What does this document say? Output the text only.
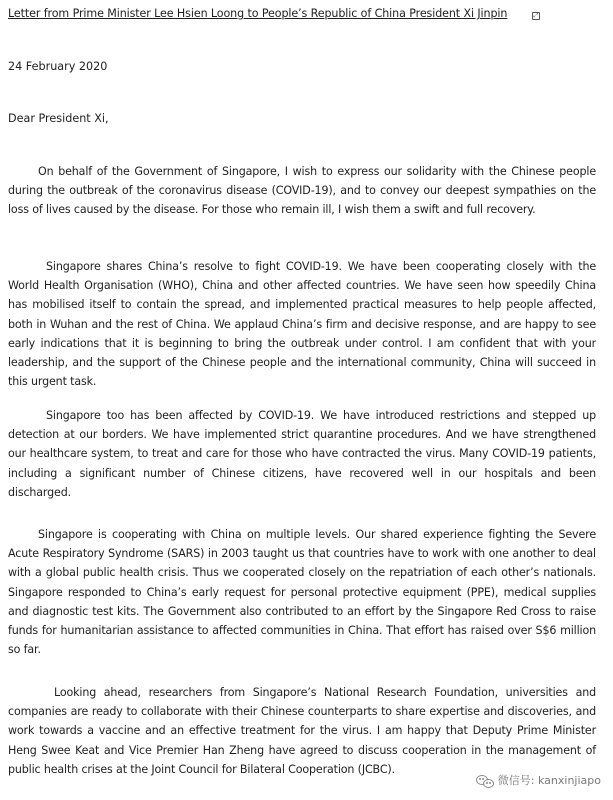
Letter from Prime Minister Lee Hsien Loong to People’s Republic of China President Xi Jinpin	⤢
24 February 2020
Dear President Xi,
On behalf of the Government of Singapore, I wish to express our solidarity with the Chinese people during the outbreak of the coronavirus disease (COVID-19), and to convey our deepest sympathies on the loss of lives caused by the disease. For those who remain ill, I wish them a swift and full recovery.
Singapore shares China’s resolve to fight COVID-19. We have been cooperating closely with the World Health Organisation (WHO), China and other affected countries. We have seen how speedily China has mobilised itself to contain the spread, and implemented practical measures to help people affected, both in Wuhan and the rest of China. We applaud China’s firm and decisive response, and are happy to see early indications that it is beginning to bring the outbreak under control. I am confident that with your leadership, and the support of the Chinese people and the international community, China will succeed in this urgent task.
Singapore too has been affected by COVID-19. We have introduced restrictions and stepped up detection at our borders. We have implemented strict quarantine procedures. And we have strengthened our healthcare system, to treat and care for those who have contracted the virus. Many COVID-19 patients, including a significant number of Chinese citizens, have recovered well in our hospitals and been discharged.
Singapore is cooperating with China on multiple levels. Our shared experience fighting the Severe Acute Respiratory Syndrome (SARS) in 2003 taught us that countries have to work with one another to deal with a global public health crisis. Thus we cooperated closely on the repatriation of each other’s nationals. Singapore responded to China’s early request for personal protective equipment (PPE), medical supplies and diagnostic test kits. The Government also contributed to an effort by the Singapore Red Cross to raise funds for humanitarian assistance to affected communities in China. That effort has raised over S$6 million so far.
Looking ahead, researchers from Singapore’s National Research Foundation, universities and companies are ready to collaborate with their Chinese counterparts to share expertise and discoveries, and work towards a vaccine and an effective treatment for the virus. I am happy that Deputy Prime Minister Heng Swee Keat and Vice Premier Han Zheng have agreed to discuss cooperation in the management of public health crises at the Joint Council for Bilateral Cooperation (JCBC).
微信号: kanxinjiapo
